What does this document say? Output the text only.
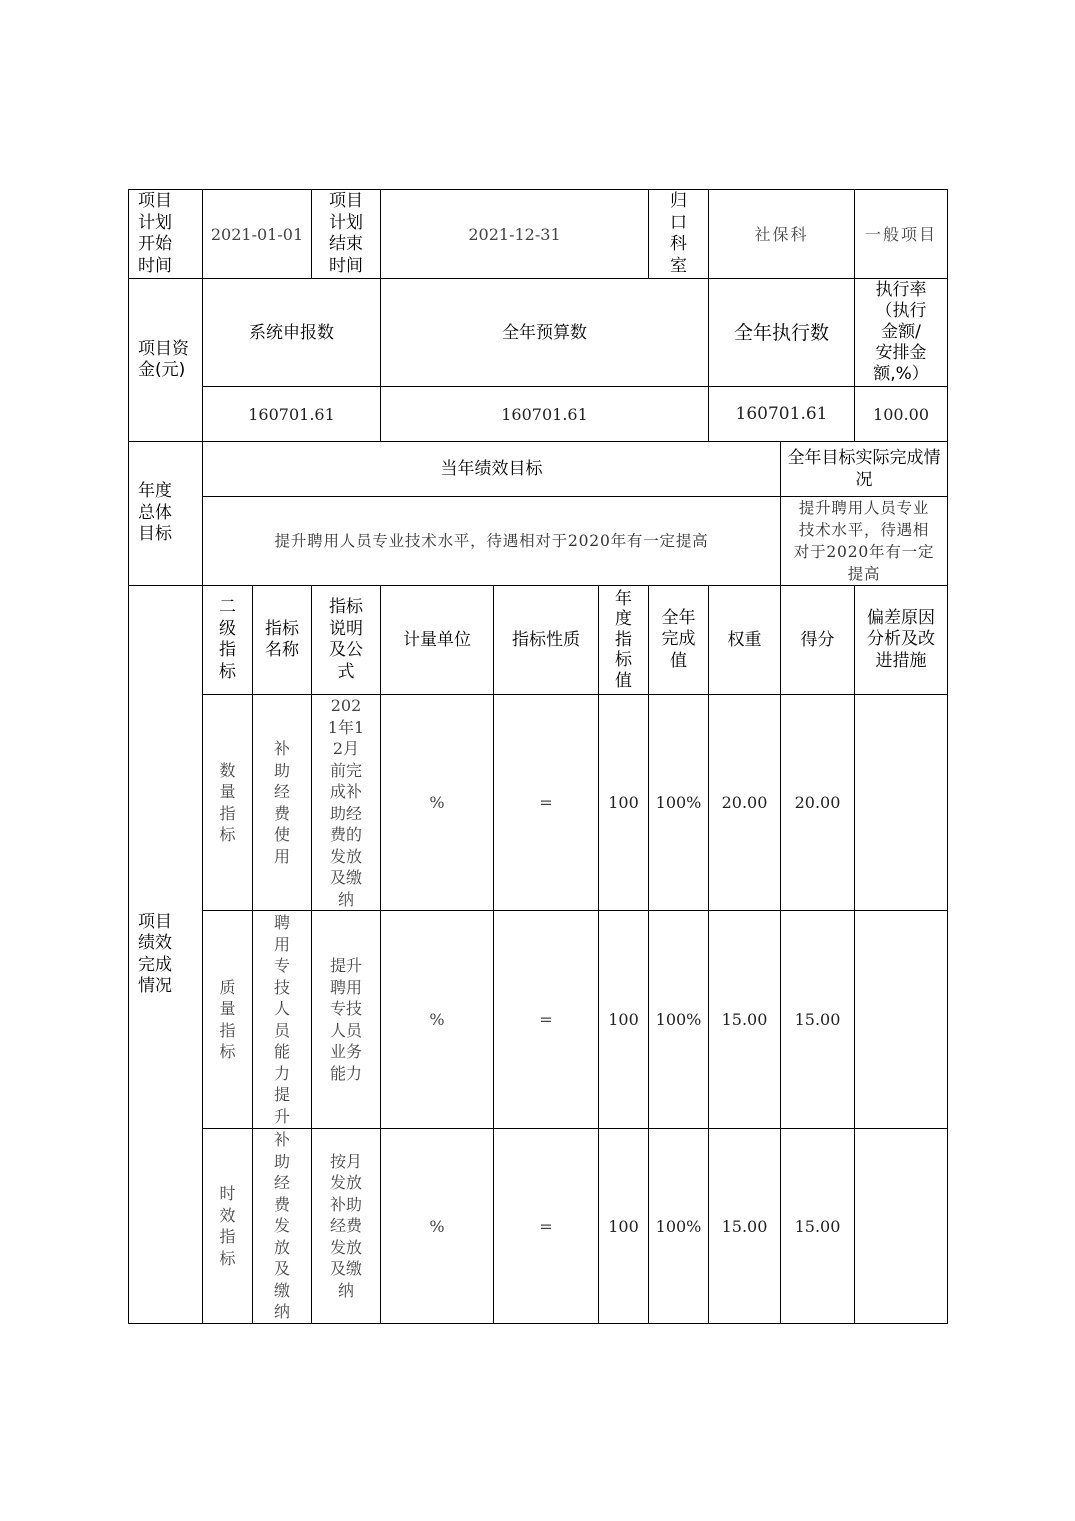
项目计划开始时间	2021-01-01		项目计划结束时间	2021-12-31			归口科室	社保科		一般项目	
项目资金(元)	系统申报数			全年预算数				全年执行数		执行率（执行金额/安排金额,%）	
	160701.61			160701.61				160701.61		100.00	
年度总体目标	当年绩效目标								全年目标实际完成情况		
	提升聘用人员专业技术水平，待遇相对于2020年有一定提高								提升聘用人员专业技术水平，待遇相对于2020年有一定提高		
项目绩效完成情况	二级指标	指标名称	指标说明及公式	计量单位	指标性质	年度指标值	全年完成值	权重	得分	偏差原因分析及改进措施	
	数量指标	补助经费使用	2021年12月前完成补助经费的发放及缴纳	%	=	100	100%	20.00	20.00		
	质量指标	聘用专技人员能力提升	提升聘用专技人员业务能力	%	=	100	100%	15.00	15.00		
	时效指标	补助经费发放及缴纳	按月发放补助经费发放及缴纳	%	=	100	100%	15.00	15.00		
